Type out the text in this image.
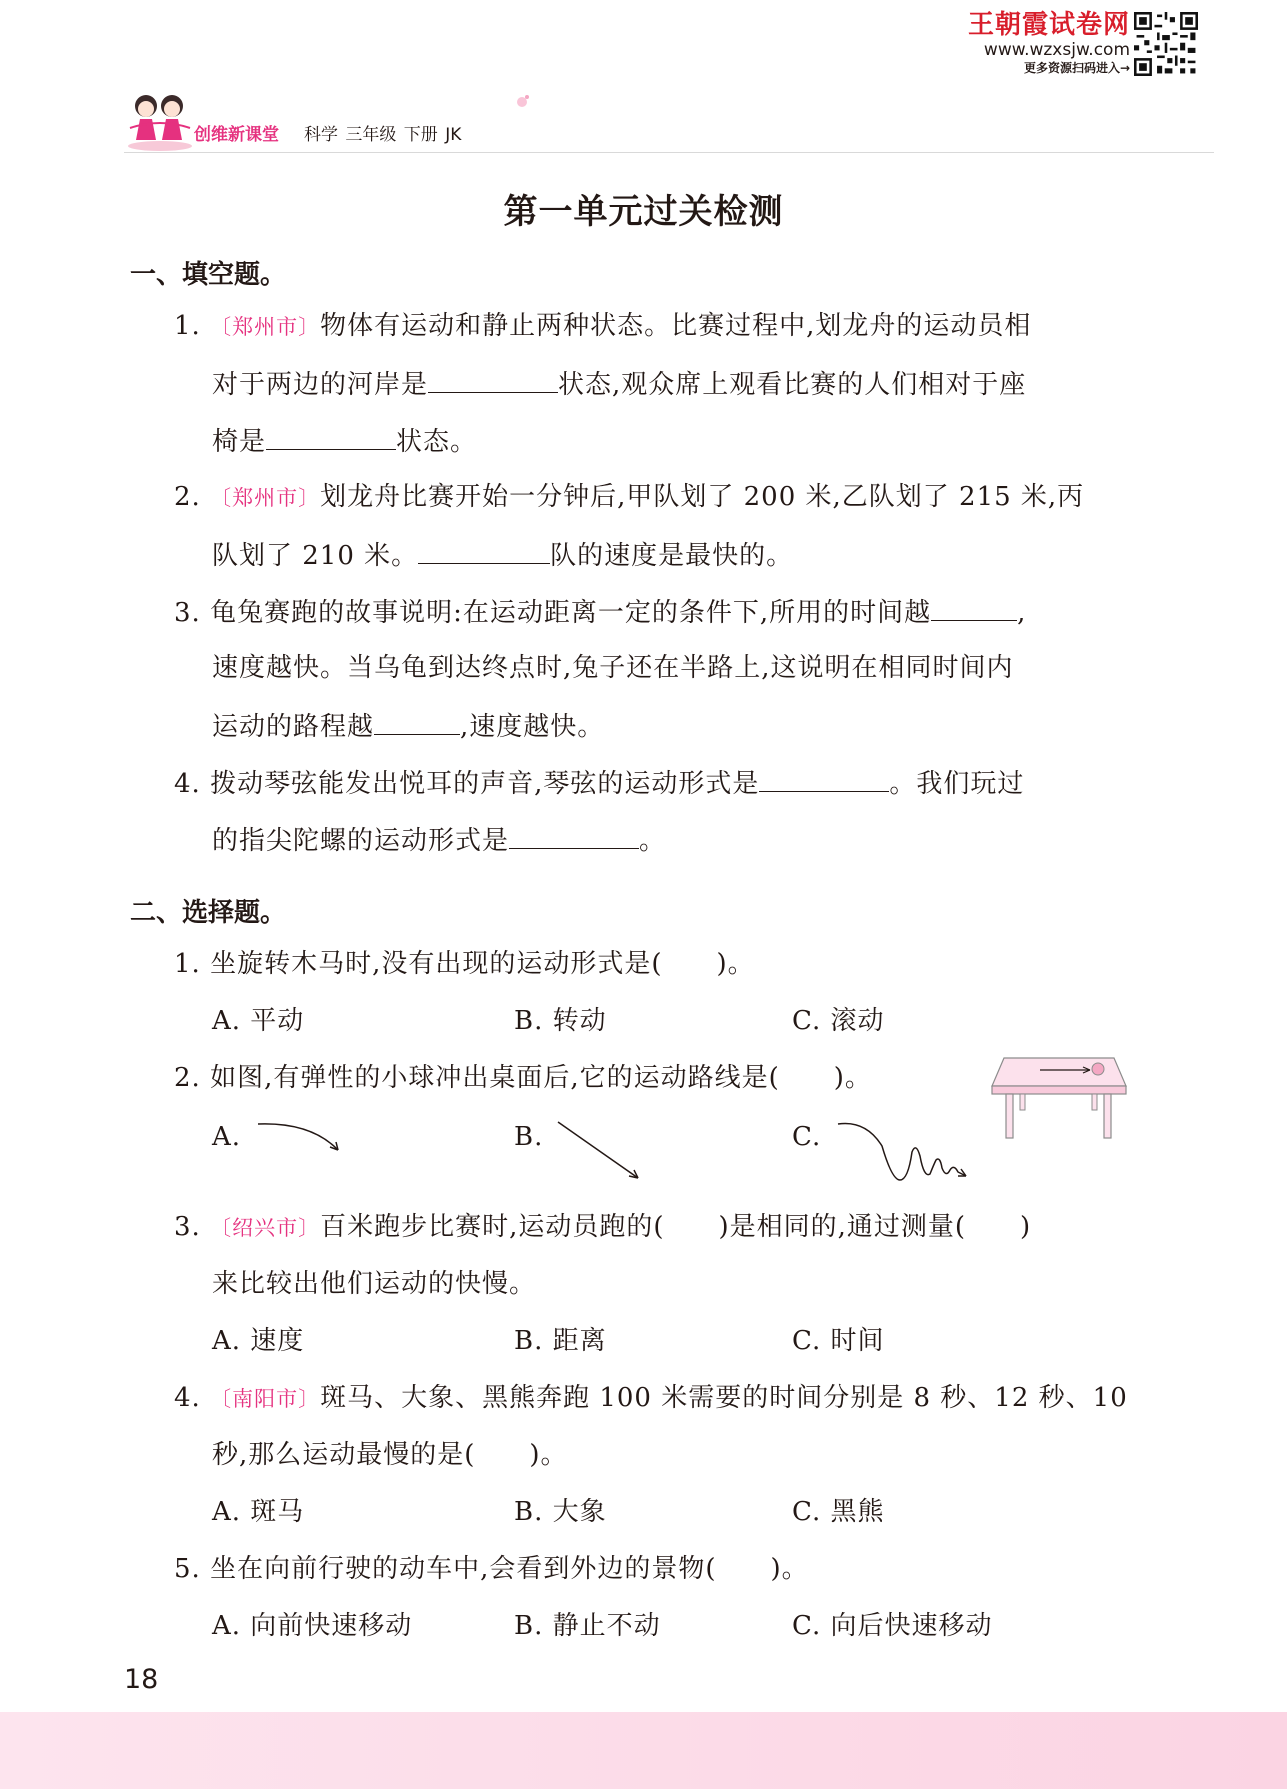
王朝霞试卷网
www.wzxsjw.com
更多资源扫码进入→
创维新课堂 科学 三年级 下册 JK
第一单元过关检测
一、填空题。
1. 〔郑州市〕物体有运动和静止两种状态。比赛过程中,划龙舟的运动员相
对于两边的河岸是	状态,观众席上观看比赛的人们相对于座
椅是	状态。
2. 〔郑州市〕划龙舟比赛开始一分钟后,甲队划了 200 米,乙队划了 215 米,丙
队划了 210 米。	队的速度是最快的。
3. 龟兔赛跑的故事说明:在运动距离一定的条件下,所用的时间越	,
速度越快。当乌龟到达终点时,兔子还在半路上,这说明在相同时间内
运动的路程越	,速度越快。
4. 拨动琴弦能发出悦耳的声音,琴弦的运动形式是	。我们玩过
的指尖陀螺的运动形式是	。
二、选择题。
1. 坐旋转木马时,没有出现的运动形式是(　　)。
A. 平动	B. 转动	C. 滚动
2. 如图,有弹性的小球冲出桌面后,它的运动路线是(　　)。
A.	B.	C.
3. 〔绍兴市〕百米跑步比赛时,运动员跑的(　　)是相同的,通过测量(　　)
来比较出他们运动的快慢。
A. 速度	B. 距离	C. 时间
4. 〔南阳市〕斑马、大象、黑熊奔跑 100 米需要的时间分别是 8 秒、12 秒、10
秒,那么运动最慢的是(　　)。
A. 斑马	B. 大象	C. 黑熊
5. 坐在向前行驶的动车中,会看到外边的景物(　　)。
A. 向前快速移动	B. 静止不动	C. 向后快速移动
18
